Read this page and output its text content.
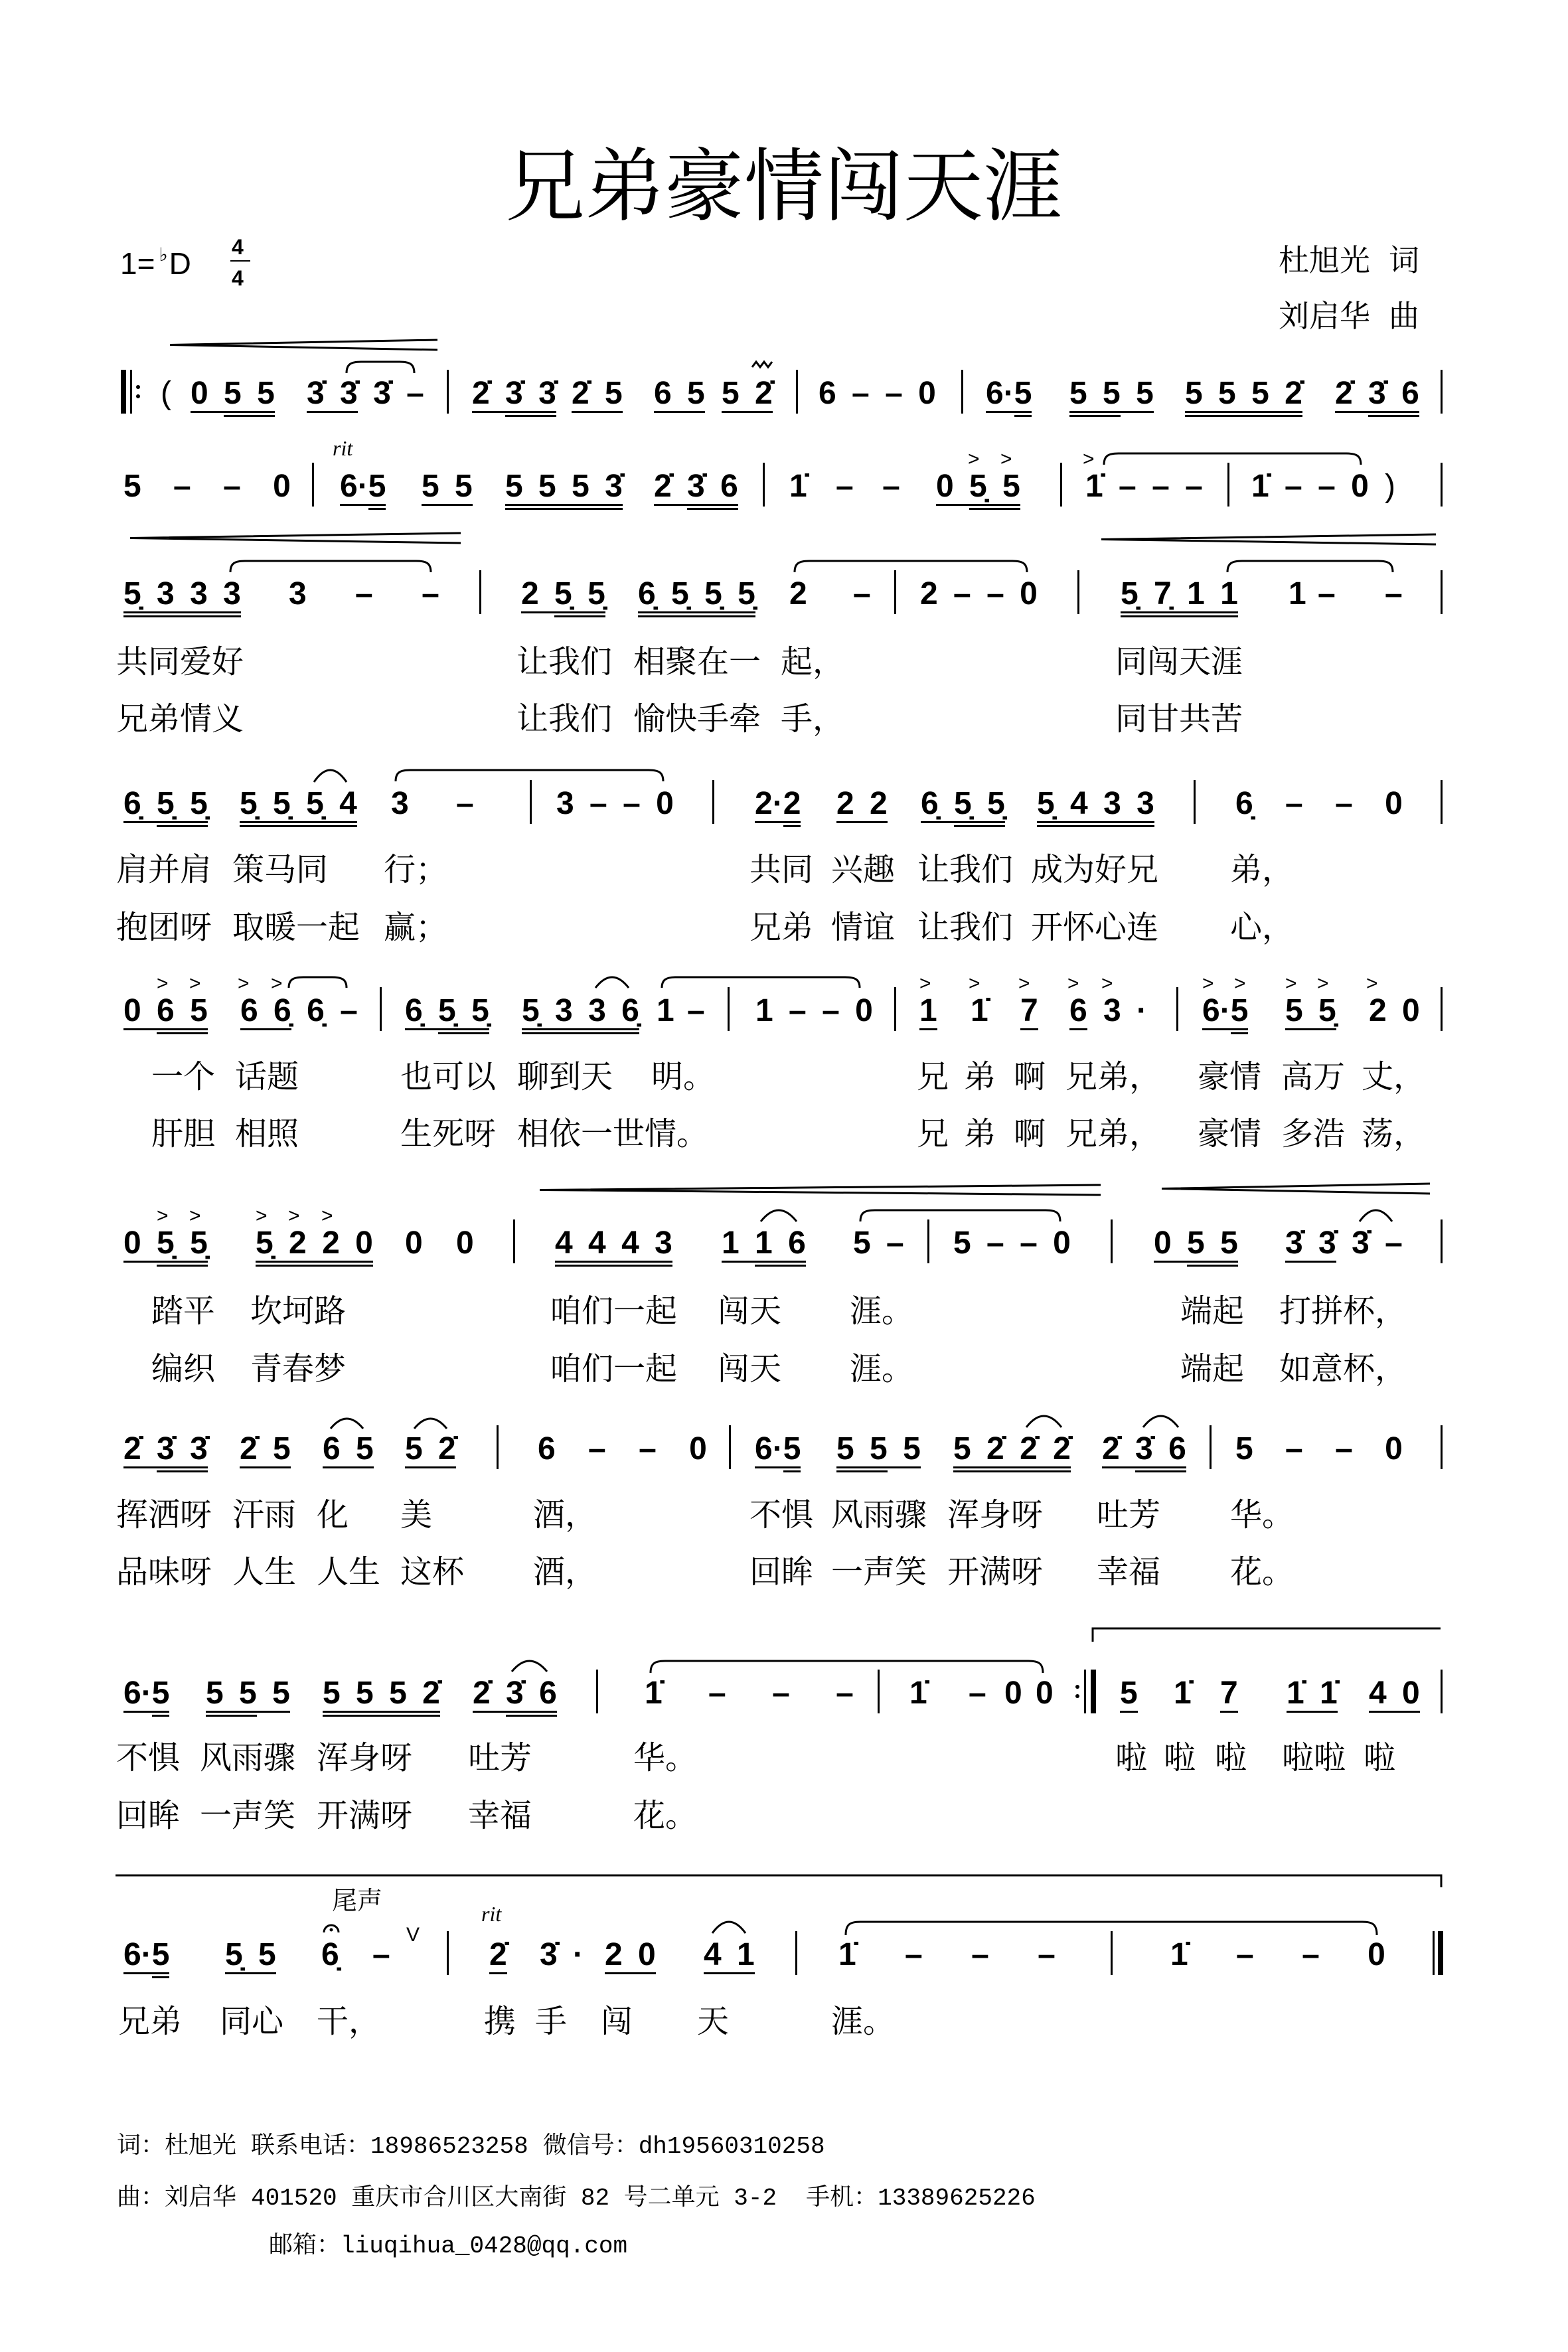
兄弟豪情闯天涯
1= ♭D 4
4	杜旭光 词
刘启华 曲
( 0 5 5 3̇ 3̇ 3̇ – 2̇ 3̇ 3̇ 2̇ 5 6 5 5 2̇ 6 – – 0 6·5 5 5 5 5 5 5 2̇ 2̇ 3̇ 6
rit
5 – – 0 6·5 5 5 5 5 5 3̇ 2̇ 3̇ 6 1̇ – –
> >
0 5̣ 5
>
1̇ – – – 1̇ – – 0 )
5̣ 3 3 3 3 – –	2 5̣ 5̣ 6̣ 5̣ 5̣ 5̣ 2 – 2 – – 0	5̣ 7̣ 1 1 1 – –
共同爱好	让我们 相聚在一 起，	同闯天涯
兄弟情义	让我们 愉快手牵 手，	同甘共苦
6̣ 5̣ 5̣ 5̣ 5̣ 5̣ 4 3 –	3 – – 0	2·2 2 2 6̣ 5̣ 5̣ 5̣ 4 3 3	6̣ – – 0
肩并肩 策马同 行；	共同 兴趣 让我们 成为好兄 弟，
抱团呀 取暖一起 赢；	兄弟 情谊 让我们 开怀心连 心，
> > > >
0 6 5 6 6̣ 6̣ – 6̣ 5̣ 5̣ 5̣ 3 3 6̣ 1 – 1 – – 0
> > > > >
1 1̇ 7 6 3 ·
> > > > >
6·5 5 5̣ 2 0
一个 话题	也可以 聊到天 明。	兄 弟 啊 兄弟， 豪情 高万 丈，
肝胆 相照	生死呀 相依一世情。	兄 弟 啊 兄弟， 豪情 多浩 荡，
> >	> > >
0 5̣ 5̣ 5̣ 2 2 0 0 0	4 4 4 3 1 1 6 5 – 5 – – 0	0 5 5 3̇ 3̇ 3̇ –
踏平 坎坷路	咱们一起 闯天 涯。	端起 打拼杯，
编织 青春梦	咱们一起 闯天 涯。	端起 如意杯，
2̇ 3̇ 3̇ 2̇ 5 6 5 5 2̇	6 – – 0 6·5 5 5 5 5 2̇ 2̇ 2̇ 2̇ 3̇ 6 5 – – 0
挥洒呀 汗雨 化 美	酒，	不惧 风雨骤 浑身呀 吐芳 华。
品味呀 人生 人生 这杯 酒，	回眸 一声笑 开满呀 幸福 花。
6·5 5 5 5 5 5 5 2̇ 2̇ 3̇ 6	1̇ – – – 1̇ – 0 0 5 1̇ 7 1̇ 1̇ 4 0
不惧 风雨骤 浑身呀 吐芳	华。	啦 啦 啦 啦啦 啦
回眸 一声笑 开满呀 幸福	花。
尾声	rit
V
6·5 5̣ 5 6̣ –	2̇ 3̇ · 2 0 4 1	1̇ – – –	1̇ – – 0
兄弟 同心 干，	携 手 闯 天	涯。
词：杜旭光 联系电话：18986523258 微信号：dh19560310258
曲：刘启华 401520 重庆市合川区大南街 82 号二单元 3-2 手机：13389625226
邮箱：liuqihua_0428@qq.com
